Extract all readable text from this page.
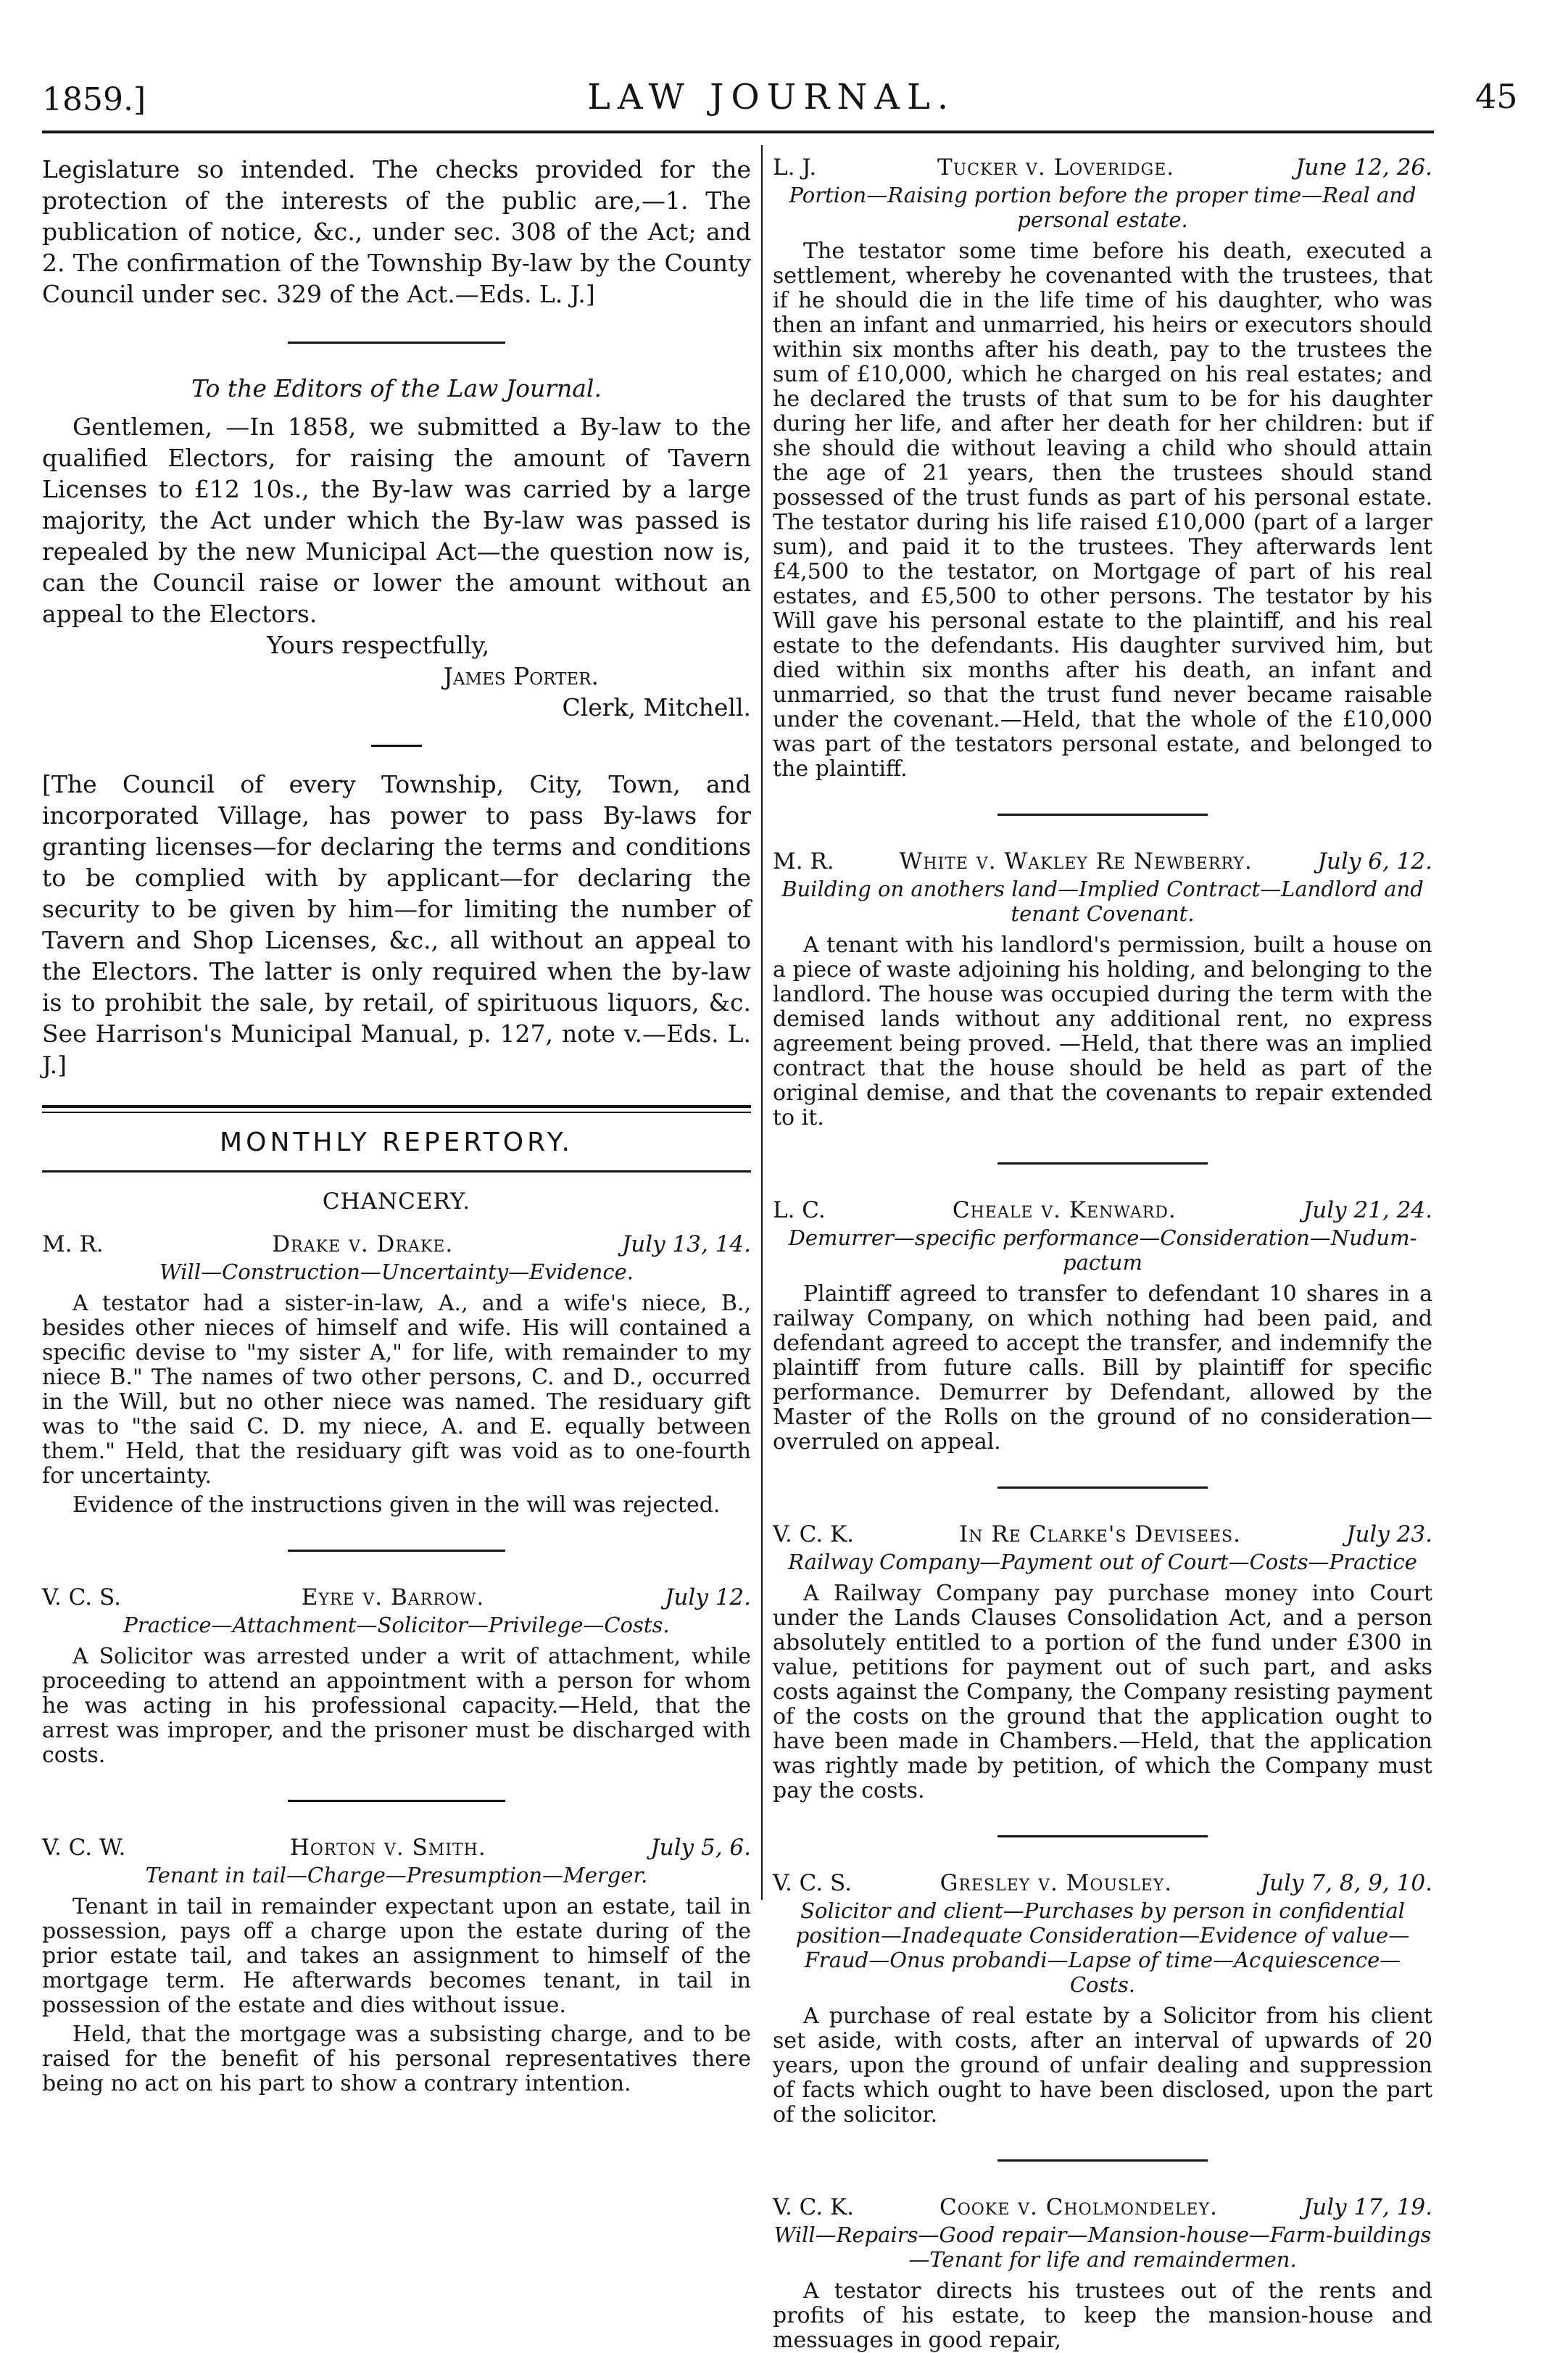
1859.]	LAW JOURNAL.	45

Legislature so intended. The checks provided for the protection of the interests of the public are,—1. The publication of notice, &c., under sec. 308 of the Act; and 2. The confirmation of the Township By-law by the County Council under sec. 329 of the Act.—Eds. L. J.]

To the Editors of the Law Journal.

Gentlemen, —In 1858, we submitted a By-law to the qualified Electors, for raising the amount of Tavern Licenses to £12 10s., the By-law was carried by a large majority, the Act under which the By-law was passed is repealed by the new Municipal Act—the question now is, can the Council raise or lower the amount without an appeal to the Electors.

Yours respectfully,

James Porter.

Clerk, Mitchell.

[The Council of every Township, City, Town, and incorporated Village, has power to pass By-laws for granting licenses—for declaring the terms and conditions to be complied with by applicant—for declaring the security to be given by him—for limiting the number of Tavern and Shop Licenses, &c., all without an appeal to the Electors. The latter is only required when the by-law is to prohibit the sale, by retail, of spirituous liquors, &c. See Harrison's Municipal Manual, p. 127, note v.—Eds. L. J.]

MONTHLY REPERTORY.
CHANCERY.

M. R.	Drake v. Drake.	July 13, 14.

Will—Construction—Uncertainty—Evidence.

A testator had a sister-in-law, A., and a wife's niece, B., besides other nieces of himself and wife. His will contained a specific devise to "my sister A," for life, with remainder to my niece B." The names of two other persons, C. and D., occurred in the Will, but no other niece was named. The residuary gift was to "the said C. D. my niece, A. and E. equally between them." Held, that the residuary gift was void as to one-fourth for uncertainty.

Evidence of the instructions given in the will was rejected.

V. C. S.	Eyre v. Barrow.	July 12.

Practice—Attachment—Solicitor—Privilege—Costs.

A Solicitor was arrested under a writ of attachment, while proceeding to attend an appointment with a person for whom he was acting in his professional capacity.—Held, that the arrest was improper, and the prisoner must be discharged with costs.

V. C. W.	Horton v. Smith.	July 5, 6.

Tenant in tail—Charge—Presumption—Merger.

Tenant in tail in remainder expectant upon an estate, tail in possession, pays off a charge upon the estate during of the prior estate tail, and takes an assignment to himself of the mortgage term. He afterwards becomes tenant, in tail in possession of the estate and dies without issue.

Held, that the mortgage was a subsisting charge, and to be raised for the benefit of his personal representatives there being no act on his part to show a contrary intention.

L. J.	Tucker v. Loveridge.	June 12, 26.

Portion—Raising portion before the proper time—Real and personal estate.

The testator some time before his death, executed a settlement, whereby he covenanted with the trustees, that if he should die in the life time of his daughter, who was then an infant and unmarried, his heirs or executors should within six months after his death, pay to the trustees the sum of £10,000, which he charged on his real estates; and he declared the trusts of that sum to be for his daughter during her life, and after her death for her children: but if she should die without leaving a child who should attain the age of 21 years, then the trustees should stand possessed of the trust funds as part of his personal estate. The testator during his life raised £10,000 (part of a larger sum), and paid it to the trustees. They afterwards lent £4,500 to the testator, on Mortgage of part of his real estates, and £5,500 to other persons. The testator by his Will gave his personal estate to the plaintiff, and his real estate to the defendants. His daughter survived him, but died within six months after his death, an infant and unmarried, so that the trust fund never became raisable under the covenant.—Held, that the whole of the £10,000 was part of the testators personal estate, and belonged to the plaintiff.

M. R.	White v. Wakley Re Newberry.	July 6, 12.

Building on anothers land—Implied Contract—Landlord and tenant Covenant.

A tenant with his landlord's permission, built a house on a piece of waste adjoining his holding, and belonging to the landlord. The house was occupied during the term with the demised lands without any additional rent, no express agreement being proved. —Held, that there was an implied contract that the house should be held as part of the original demise, and that the covenants to repair extended to it.

L. C.	Cheale v. Kenward.	July 21, 24.

Demurrer—specific performance—Consideration—Nudum-pactum

Plaintiff agreed to transfer to defendant 10 shares in a railway Company, on which nothing had been paid, and defendant agreed to accept the transfer, and indemnify the plaintiff from future calls. Bill by plaintiff for specific performance. Demurrer by Defendant, allowed by the Master of the Rolls on the ground of no consideration—overruled on appeal.

V. C. K.	In Re Clarke's Devisees.	July 23.

Railway Company—Payment out of Court—Costs—Practice

A Railway Company pay purchase money into Court under the Lands Clauses Consolidation Act, and a person absolutely entitled to a portion of the fund under £300 in value, petitions for payment out of such part, and asks costs against the Company, the Company resisting payment of the costs on the ground that the application ought to have been made in Chambers.—Held, that the application was rightly made by petition, of which the Company must pay the costs.

V. C. S.	Gresley v. Mousley.	July 7, 8, 9, 10.

Solicitor and client—Purchases by person in confidential position—Inadequate Consideration—Evidence of value—Fraud—Onus probandi—Lapse of time—Acquiescence—Costs.

A purchase of real estate by a Solicitor from his client set aside, with costs, after an interval of upwards of 20 years, upon the ground of unfair dealing and suppression of facts which ought to have been disclosed, upon the part of the solicitor.

V. C. K.	Cooke v. Cholmondeley.	July 17, 19.

Will—Repairs—Good repair—Mansion-house—Farm-buildings—Tenant for life and remaindermen.

A testator directs his trustees out of the rents and profits of his estate, to keep the mansion-house and messuages in good repair,
